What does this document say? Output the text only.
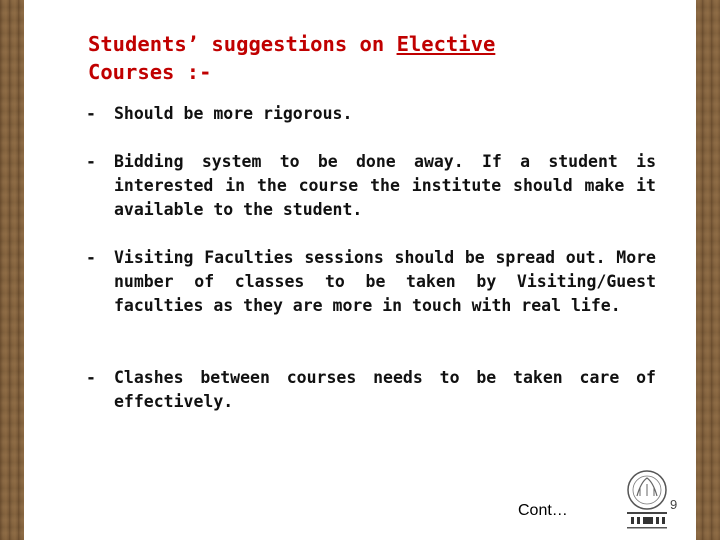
Students’ suggestions on Elective
Courses :-
-	Should be more rigorous.
-	Bidding system to be done away. If a student is interested in the course the institute should make it available to the student.
-	Visiting Faculties sessions should be spread out. More number of classes to be taken by Visiting/Guest faculties as they are more in touch with real life.
-	Clashes between courses needs to be taken care of effectively.
Cont…	9
